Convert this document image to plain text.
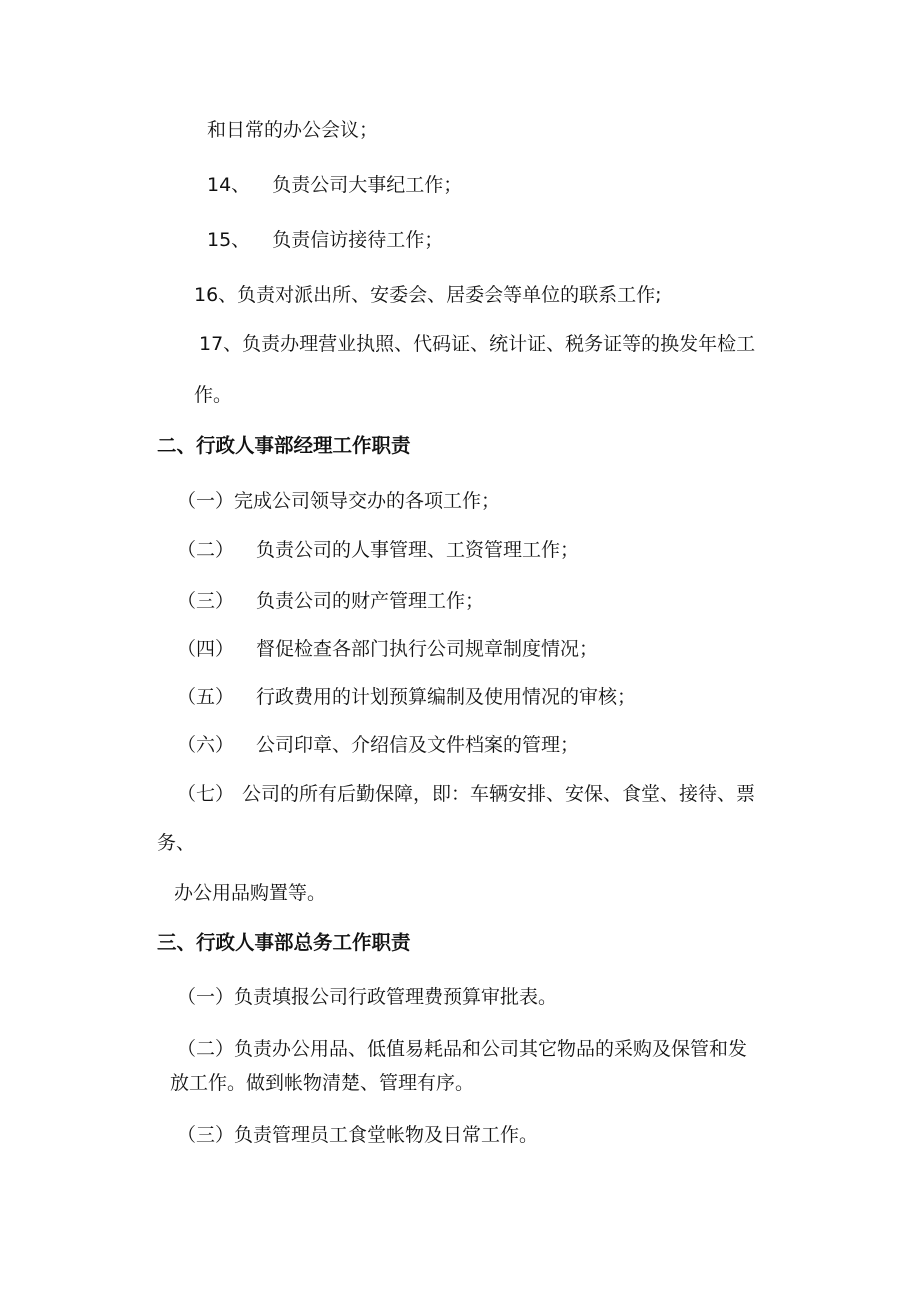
和日常的办公会议；
14、 负责公司大事纪工作；
15、 负责信访接待工作；
16、负责对派出所、安委会、居委会等单位的联系工作;
17、负责办理营业执照、代码证、统计证、税务证等的换发年检工
作。
二、行政人事部经理工作职责
（一）完成公司领导交办的各项工作；
（二） 负责公司的人事管理、工资管理工作；
（三） 负责公司的财产管理工作；
（四） 督促检查各部门执行公司规章制度情况；
（五） 行政费用的计划预算编制及使用情况的审核；
（六） 公司印章、介绍信及文件档案的管理；
（七） 公司的所有后勤保障，即：车辆安排、安保、食堂、接待、票
务、
办公用品购置等。
三、行政人事部总务工作职责
（一）负责填报公司行政管理费预算审批表。
（二）负责办公用品、低值易耗品和公司其它物品的采购及保管和发
放工作。做到帐物清楚、管理有序。
（三）负责管理员工食堂帐物及日常工作。
